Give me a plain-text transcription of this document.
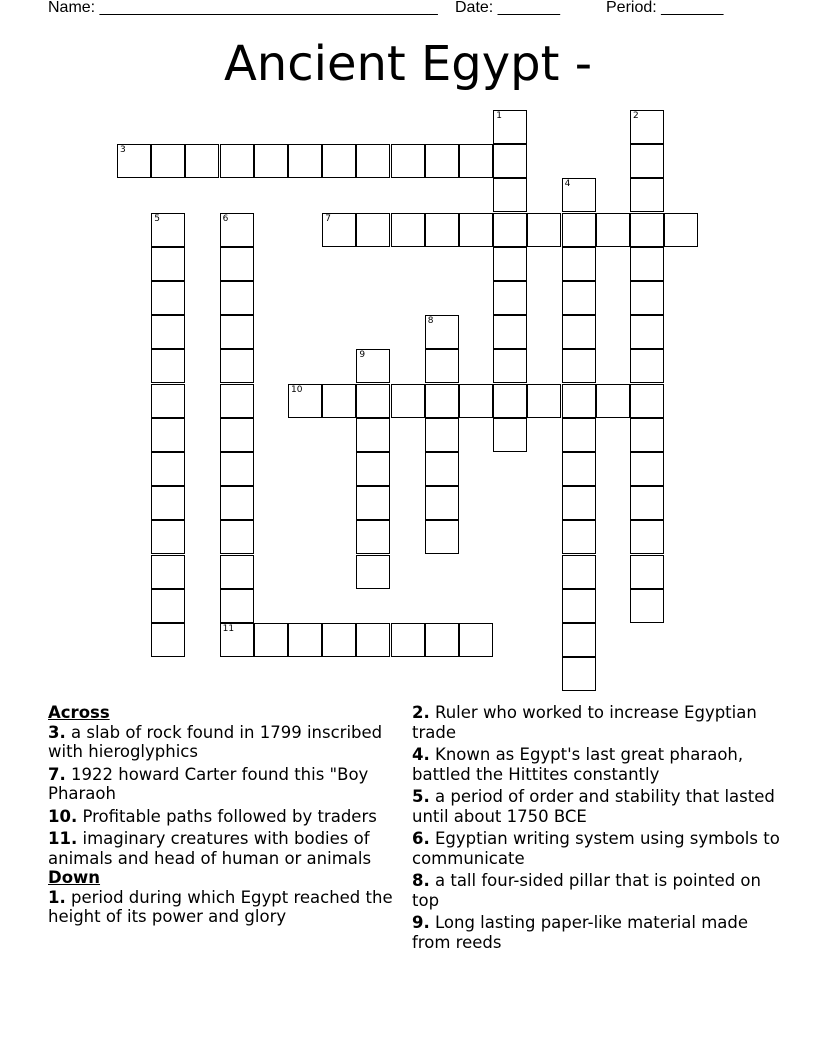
Name: ______________________________________

Date: _______

	Period: _______

Ancient Egypt -
1	2
3
4
5	6
11
7
8
9
10
Across
3. a slab of rock found in 1799 inscribed with hieroglyphics
7. 1922 howard Carter found this "Boy Pharaoh
10. Profitable paths followed by traders
11. imaginary creatures with bodies of animals and head of human or animals
Down
1. period during which Egypt reached the height of its power and glory
2. Ruler who worked to increase Egyptian trade
4. Known as Egypt's last great pharaoh, battled the Hittites constantly
5. a period of order and stability that lasted until about 1750 BCE
6. Egyptian writing system using symbols to communicate
8. a tall four-sided pillar that is pointed on top
9. Long lasting paper-like material made from reeds
